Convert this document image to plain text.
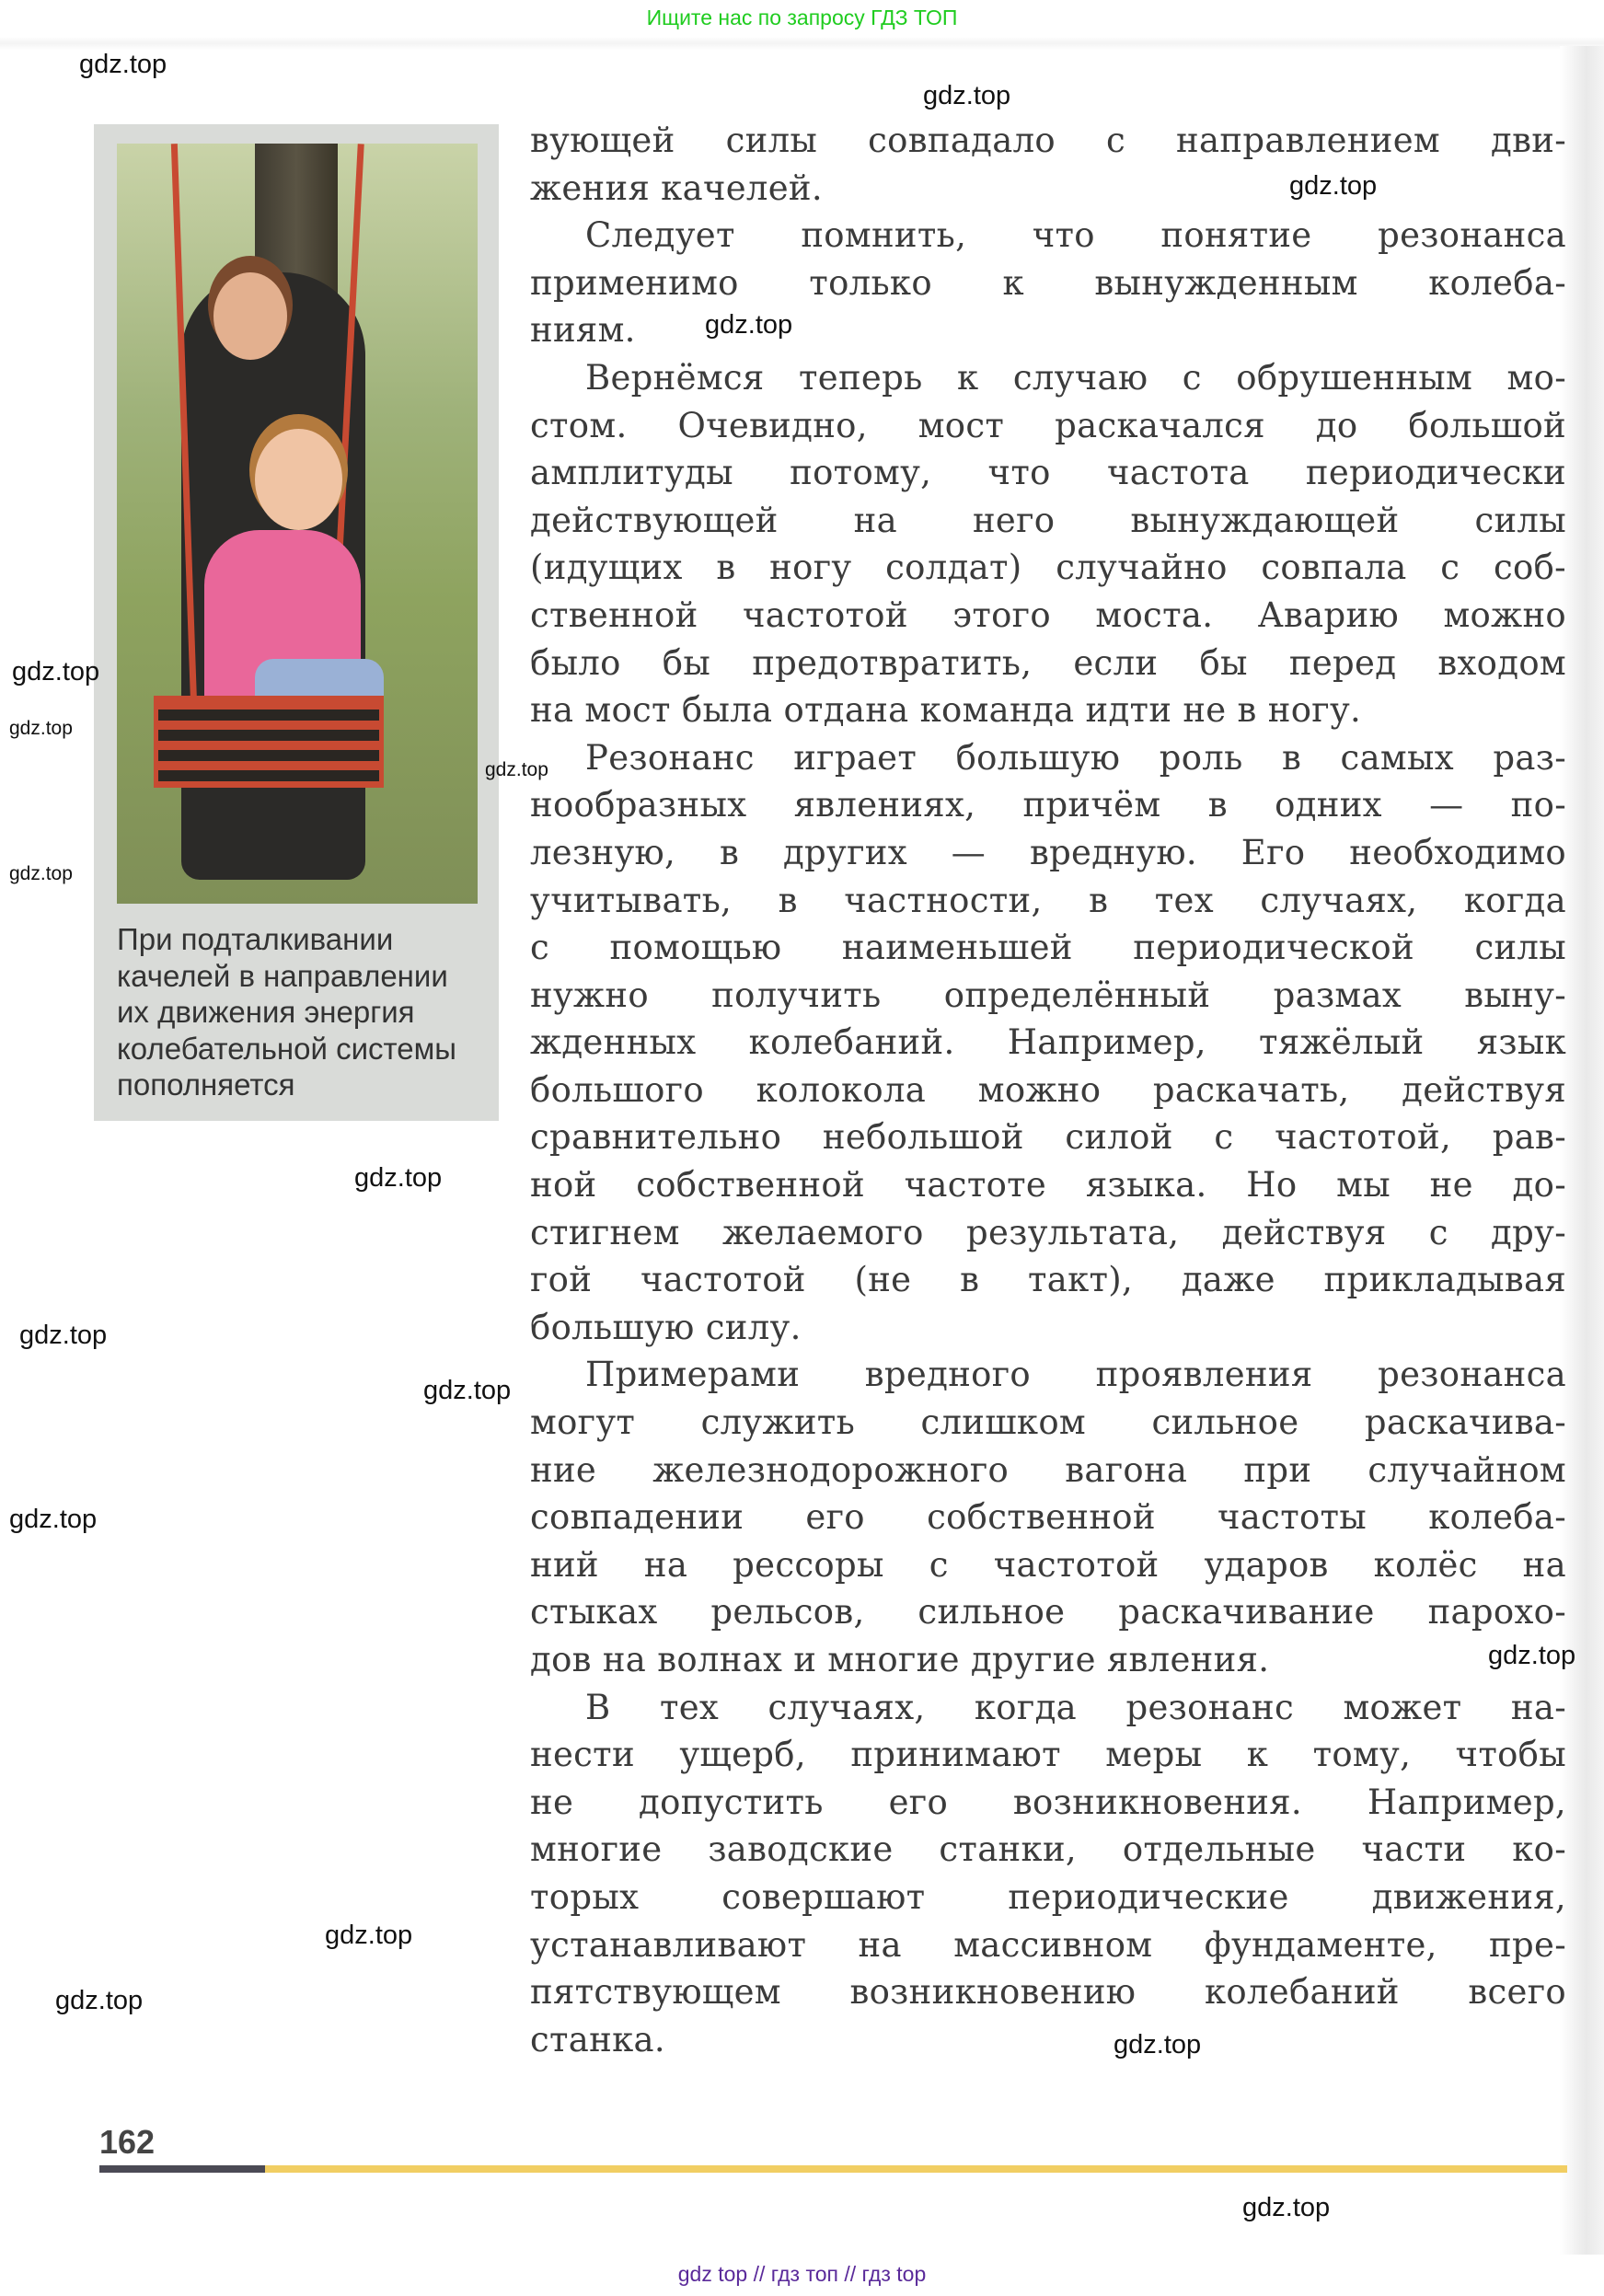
Ищите нас по запросу ГДЗ ТОП
При подталкивании
качелей в направлении
их движения энергия
колебательной системы
пополняется
вующей силы совпадало с направлением дви-
жения качелей.
Следует помнить, что понятие резонанса
применимо только к вынужденным колеба-
ниям.
Вернёмся теперь к случаю с обрушенным мо-
стом. Очевидно, мост раскачался до большой
амплитуды потому, что частота периодически
действующей на него вынуждающей силы
(идущих в ногу солдат) случайно совпала с соб-
ственной частотой этого моста. Аварию можно
было бы предотвратить, если бы перед входом
на мост была отдана команда идти не в ногу.
Резонанс играет большую роль в самых раз-
нообразных явлениях, причём в одних — по-
лезную, в других — вредную. Его необходимо
учитывать, в частности, в тех случаях, когда
с помощью наименьшей периодической силы
нужно получить определённый размах выну-
жденных колебаний. Например, тяжёлый язык
большого колокола можно раскачать, действуя
сравнительно небольшой силой с частотой, рав-
ной собственной частоте языка. Но мы не до-
стигнем желаемого результата, действуя с дру-
гой частотой (не в такт), даже прикладывая
большую силу.
Примерами вредного проявления резонанса
могут служить слишком сильное раскачива-
ние железнодорожного вагона при случайном
совпадении его собственной частоты колеба-
ний на рессоры с частотой ударов колёс на
стыках рельсов, сильное раскачивание парохо-
дов на волнах и многие другие явления.
В тех случаях, когда резонанс может на-
нести ущерб, принимают меры к тому, чтобы
не допустить его возникновения. Например,
многие заводские станки, отдельные части ко-
торых совершают периодические движения,
устанавливают на массивном фундаменте, пре-
пятствующем возникновению колебаний всего
станка.
162
gdz.top
gdz.top
gdz.top
gdz.top
gdz.top
gdz.top
gdz.top
gdz.top
gdz.top
gdz.top
gdz.top
gdz.top
gdz.top
gdz.top
gdz.top
gdz.top
gdz.top
gdz top // гдз топ // гдз top
